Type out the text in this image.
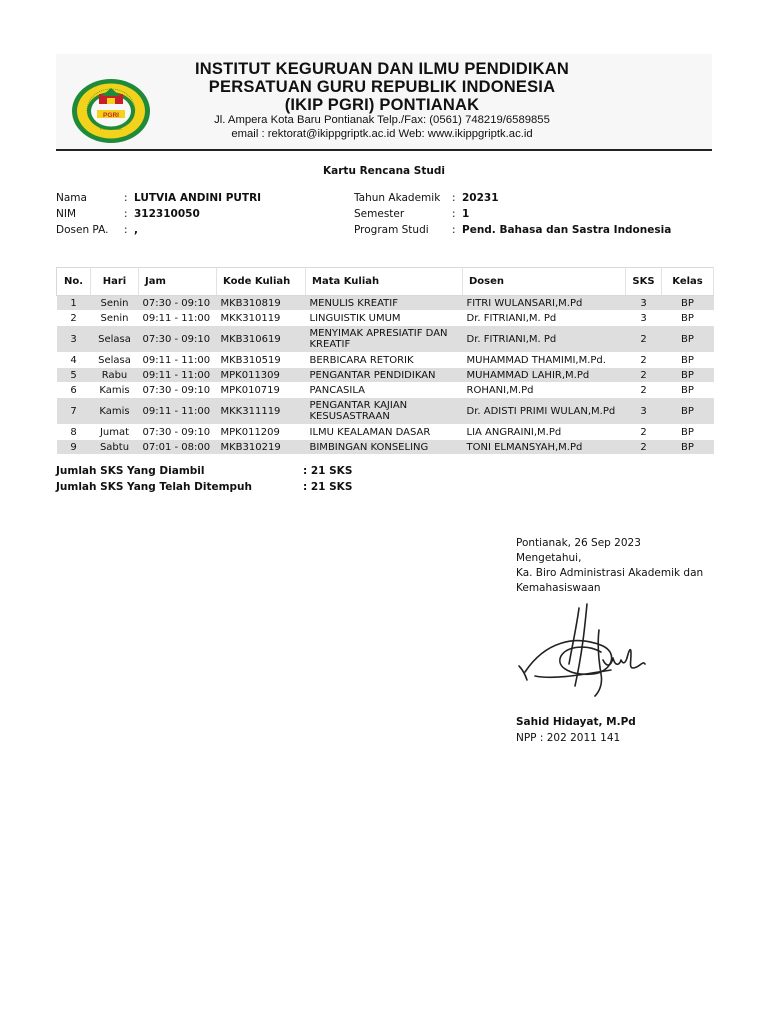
PGRI
PONTIANAK
INSTITUT KEGURUAN DAN ILMU PENDIDIKAN
PERSATUAN GURU REPUBLIK INDONESIA
(IKIP PGRI) PONTIANAK
Jl. Ampera Kota Baru Pontianak Telp./Fax: (0561) 748219/6589855
email : rektorat@ikippgriptk.ac.id Web: www.ikippgriptk.ac.id
Kartu Rencana Studi
Nama	: LUTVIA ANDINI PUTRI
NIM	: 312310050
Dosen PA.	: ,
Tahun Akademik	: 20231
Semester	: 1
Program Studi	: Pend. Bahasa dan Sastra Indonesia
No.	Hari	Jam	Kode Kuliah	Mata Kuliah	Dosen	SKS	Kelas
1	Senin	07:30 - 09:10	MKB310819	MENULIS KREATIF	FITRI WULANSARI,M.Pd	3	BP
2	Senin	09:11 - 11:00	MKK310119	LINGUISTIK UMUM	Dr. FITRIANI,M. Pd	3	BP
3	Selasa	07:30 - 09:10	MKB310619	MENYIMAK APRESIATIF DAN KREATIF	Dr. FITRIANI,M. Pd	2	BP
4	Selasa	09:11 - 11:00	MKB310519	BERBICARA RETORIK	MUHAMMAD THAMIMI,M.Pd.	2	BP
5	Rabu	09:11 - 11:00	MPK011309	PENGANTAR PENDIDIKAN	MUHAMMAD LAHIR,M.Pd	2	BP
6	Kamis	07:30 - 09:10	MPK010719	PANCASILA	ROHANI,M.Pd	2	BP
7	Kamis	09:11 - 11:00	MKK311119	PENGANTAR KAJIAN KESUSASTRAAN	Dr. ADISTI PRIMI WULAN,M.Pd	3	BP
8	Jumat	07:30 - 09:10	MPK011209	ILMU KEALAMAN DASAR	LIA ANGRAINI,M.Pd	2	BP
9	Sabtu	07:01 - 08:00	MKB310219	BIMBINGAN KONSELING	TONI ELMANSYAH,M.Pd	2	BP
Jumlah SKS Yang Diambil	: 21 SKS
Jumlah SKS Yang Telah Ditempuh	: 21 SKS
Pontianak, 26 Sep 2023
Mengetahui,
Ka. Biro Administrasi Akademik dan
Kemahasiswaan
Sahid Hidayat, M.Pd
NPP : 202 2011 141
